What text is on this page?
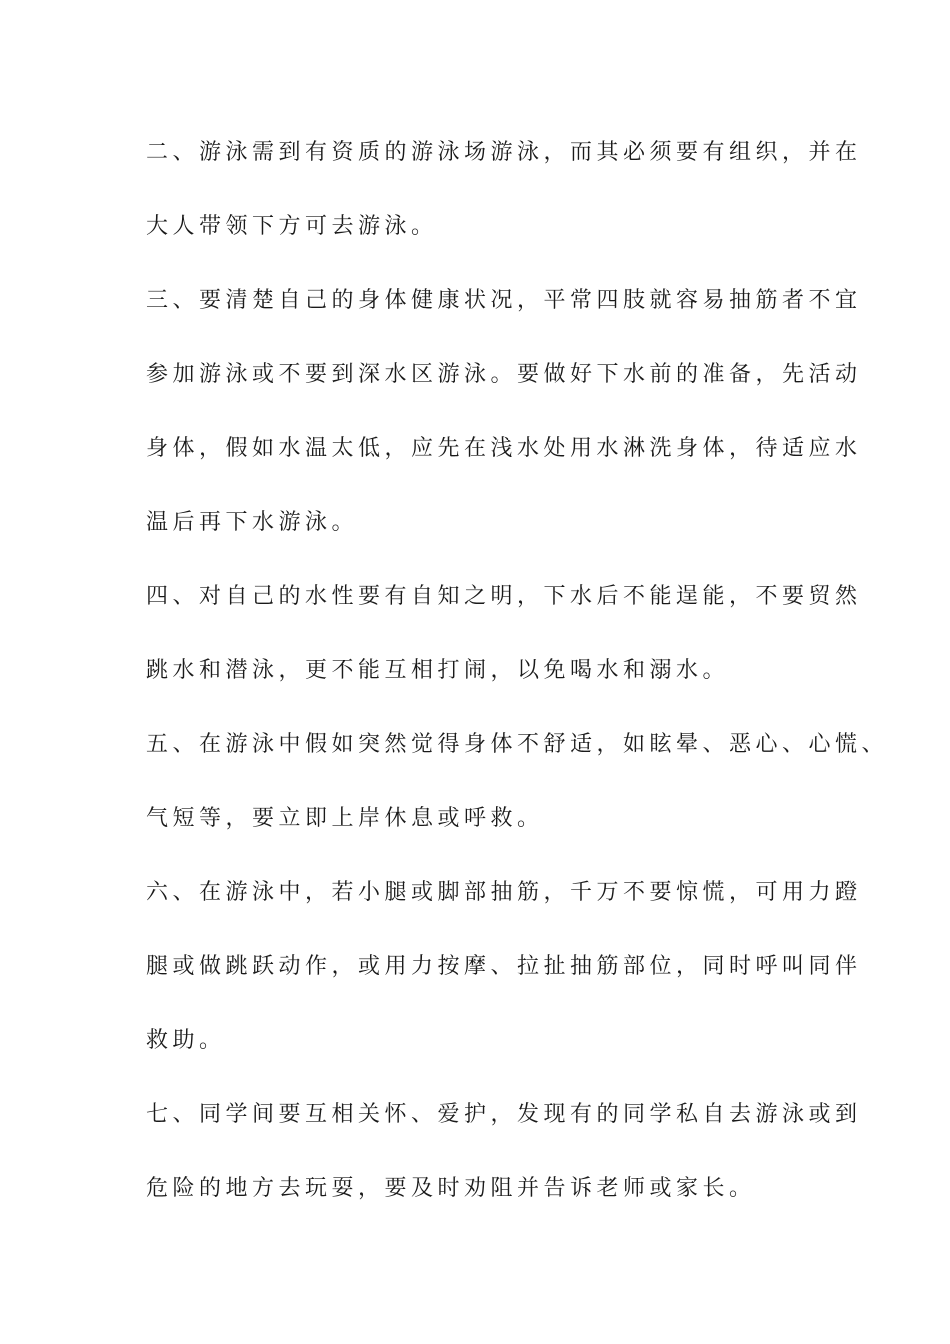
二、游泳需到有资质的游泳场游泳，而其必须要有组织，并在
大人带领下方可去游泳。
三、要清楚自己的身体健康状况，平常四肢就容易抽筋者不宜
参加游泳或不要到深水区游泳。要做好下水前的准备，先活动
身体，假如水温太低，应先在浅水处用水淋洗身体，待适应水
温后再下水游泳。
四、对自己的水性要有自知之明，下水后不能逞能，不要贸然
跳水和潜泳，更不能互相打闹，以免喝水和溺水。
五、在游泳中假如突然觉得身体不舒适，如眩晕、恶心、心慌、
气短等，要立即上岸休息或呼救。
六、在游泳中，若小腿或脚部抽筋，千万不要惊慌，可用力蹬
腿或做跳跃动作，或用力按摩、拉扯抽筋部位，同时呼叫同伴
救助。
七、同学间要互相关怀、爱护，发现有的同学私自去游泳或到
危险的地方去玩耍，要及时劝阻并告诉老师或家长。
